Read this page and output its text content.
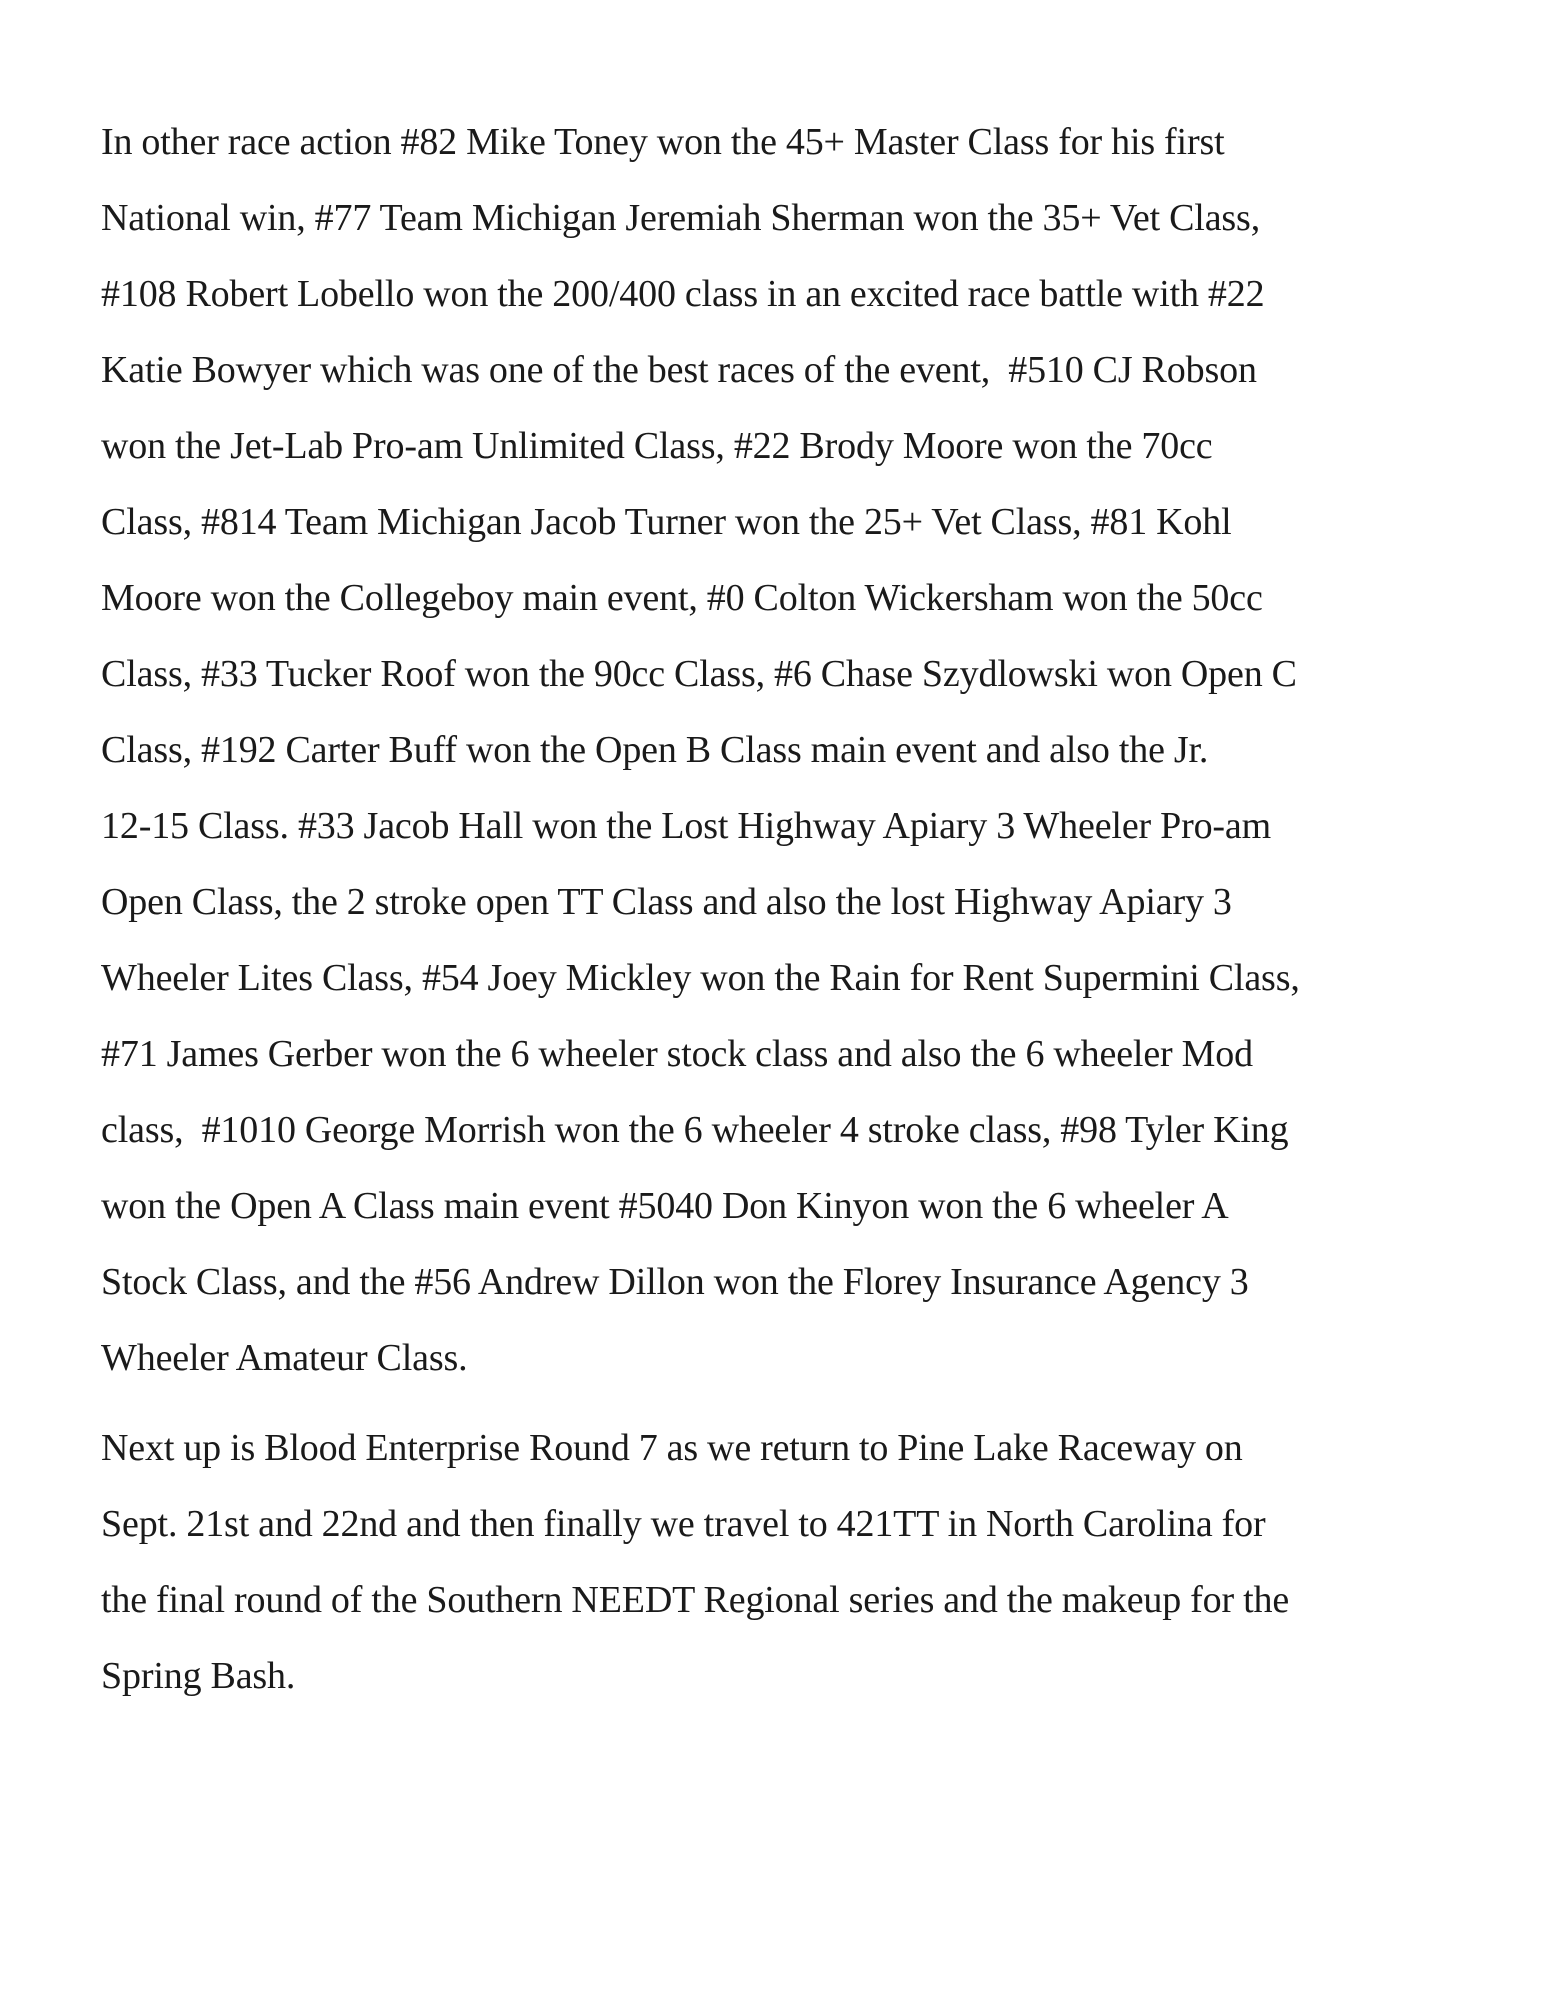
In other race action #82 Mike Toney won the 45+ Master Class for his first
National win, #77 Team Michigan Jeremiah Sherman won the 35+ Vet Class,
#108 Robert Lobello won the 200/400 class in an excited race battle with #22
Katie Bowyer which was one of the best races of the event,  #510 CJ Robson
won the Jet-Lab Pro-am Unlimited Class, #22 Brody Moore won the 70cc
Class, #814 Team Michigan Jacob Turner won the 25+ Vet Class, #81 Kohl
Moore won the Collegeboy main event, #0 Colton Wickersham won the 50cc
Class, #33 Tucker Roof won the 90cc Class, #6 Chase Szydlowski won Open C
Class, #192 Carter Buff won the Open B Class main event and also the Jr.
12-15 Class. #33 Jacob Hall won the Lost Highway Apiary 3 Wheeler Pro-am
Open Class, the 2 stroke open TT Class and also the lost Highway Apiary 3
Wheeler Lites Class, #54 Joey Mickley won the Rain for Rent Supermini Class,
#71 James Gerber won the 6 wheeler stock class and also the 6 wheeler Mod
class,  #1010 George Morrish won the 6 wheeler 4 stroke class, #98 Tyler King
won the Open A Class main event #5040 Don Kinyon won the 6 wheeler A
Stock Class, and the #56 Andrew Dillon won the Florey Insurance Agency 3
Wheeler Amateur Class.
Next up is Blood Enterprise Round 7 as we return to Pine Lake Raceway on
Sept. 21st and 22nd and then finally we travel to 421TT in North Carolina for
the final round of the Southern NEEDT Regional series and the makeup for the
Spring Bash.
